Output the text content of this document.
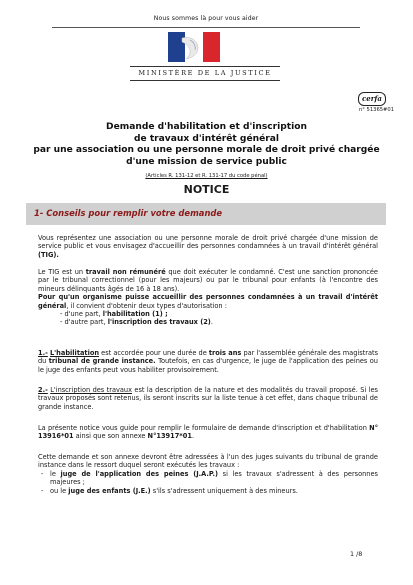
Nous sommes là pour vous aider
MINISTÈRE DE LA JUSTICE
cerfa
n° 51365#01
Demande d'habilitation et d'inscription
de travaux d'intérêt général
par une association ou une personne morale de droit privé chargée
d'une mission de service public
(Articles R. 131-12 et R. 131-17 du code pénal)
NOTICE
1- Conseils pour remplir votre demande
Vous représentez une association ou une personne morale de droit privé chargée d'une mission de service public et vous envisagez d'accueillir des personnes condamnées à un travail d'intérêt général (TIG).
Le TIG est un travail non rémunéré que doit exécuter le condamné. C'est une sanction prononcée par le tribunal correctionnel (pour les majeurs) ou par le tribunal pour enfants (à l'encontre des mineurs délinquants âgés de 16 à 18 ans).
Pour qu'un organisme puisse accueillir des personnes condamnées à un travail d'intérêt général, il convient d'obtenir deux types d'autorisation :
- d'une part, l'habilitation (1) ;
- d'autre part, l'inscription des travaux (2).
1.- L'habilitation est accordée pour une durée de trois ans par l'assemblée générale des magistrats du tribunal de grande instance. Toutefois, en cas d'urgence, le juge de l'application des peines ou le juge des enfants peut vous habiliter provisoirement.
2.- L'inscription des travaux est la description de la nature et des modalités du travail proposé. Si les travaux proposés sont retenus, ils seront inscrits sur la liste tenue à cet effet, dans chaque tribunal de grande instance.
La présente notice vous guide pour remplir le formulaire de demande d'inscription et d'habilitation N° 13916*01 ainsi que son annexe N°13917*01.
Cette demande et son annexe devront être adressées à l'un des juges suivants du tribunal de grande instance dans le ressort duquel seront exécutés les travaux :
- le juge de l'application des peines (J.A.P.) si les travaux s'adressent à des personnes majeures ;
- ou le juge des enfants (J.E.) s'ils s'adressent uniquement à des mineurs.
1 /8
